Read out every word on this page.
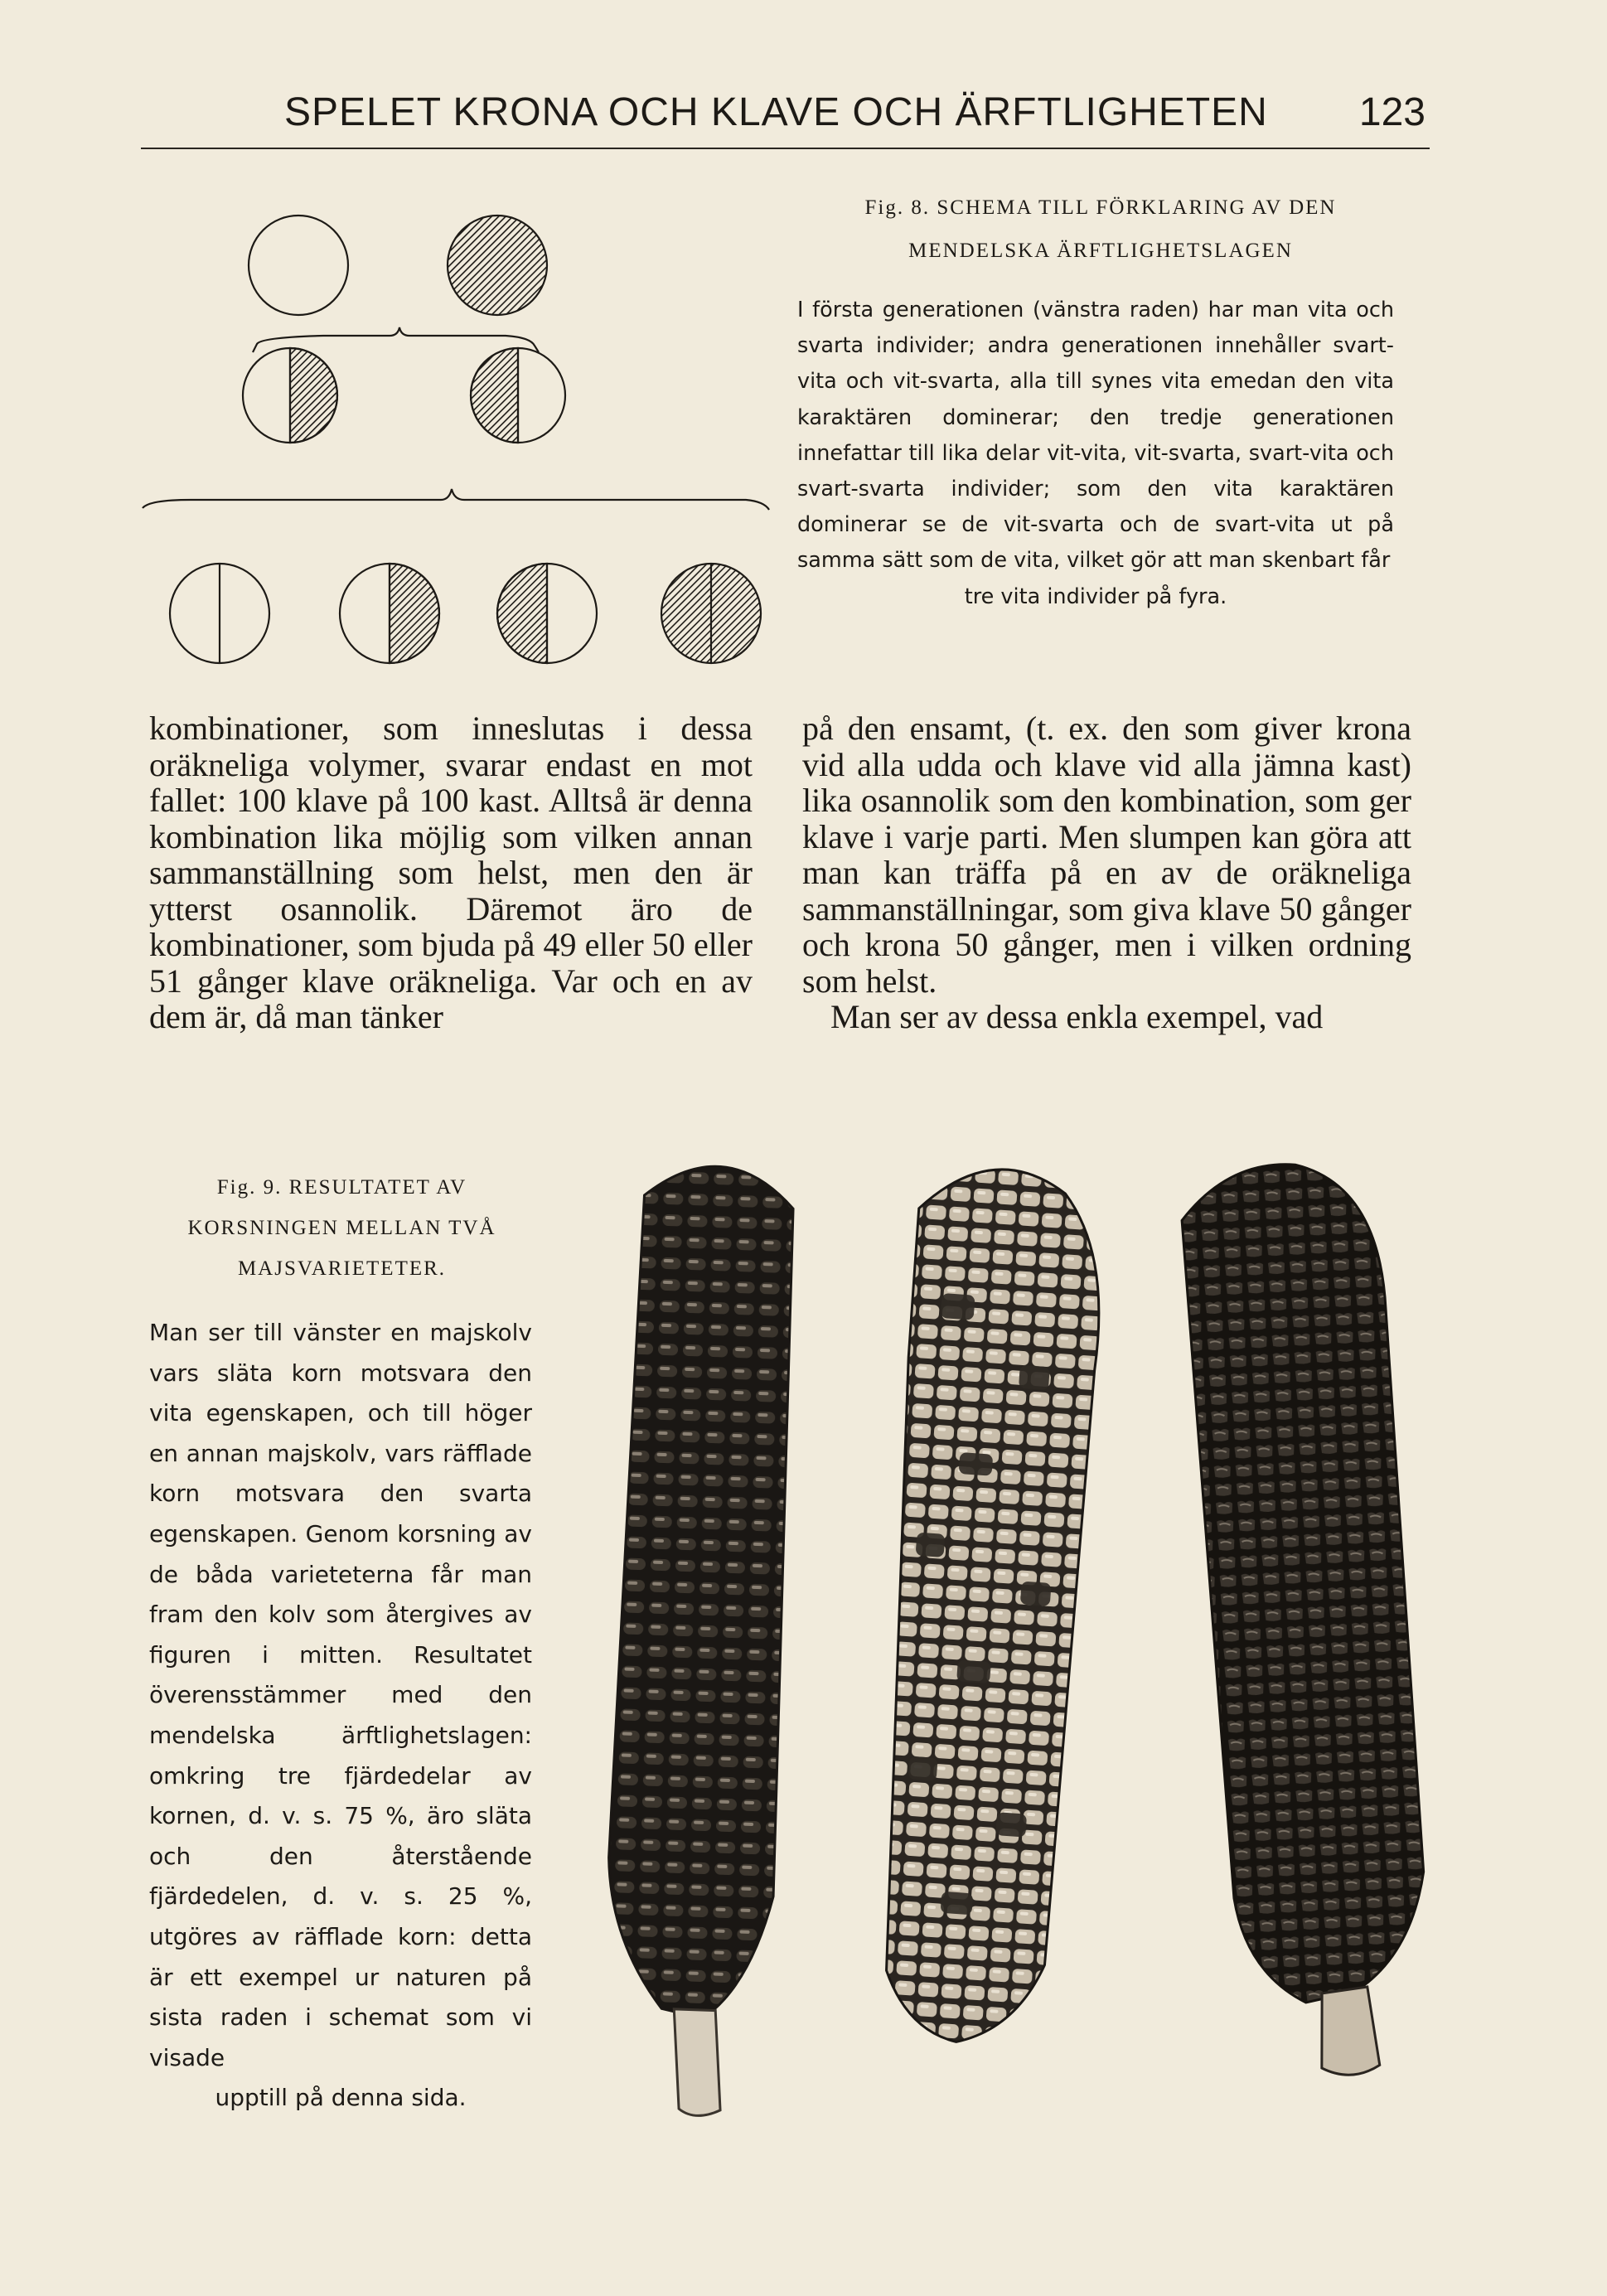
SPELET KRONA OCH KLAVE OCH ÄRFTLIGHETEN 123
Fig. 8. SCHEMA TILL FÖRKLARING AV DEN
MENDELSKA ÄRFTLIGHETSLAGEN
I första generationen (vänstra raden) har man vita och svarta individer; andra generationen innehåller svart-vita och vit-svarta, alla till synes vita emedan den vita karaktären dominerar; den tredje generationen innefattar till lika delar vit-vita, vit-svarta, svart-vita och svart-svarta individer; som den vita karaktären dominerar se de vit-svarta och de svart-vita ut på samma sätt som de vita, vilket gör att man skenbart får
tre vita individer på fyra.
kombinationer, som inneslutas i dessa oräkneliga volymer, svarar endast en mot fallet: 100 klave på 100 kast. Alltså är denna kombination lika möjlig som vilken annan sammanställning som helst, men den är ytterst osannolik. Däremot äro de kombinationer, som bjuda på 49 eller 50 eller 51 gånger klave oräkneliga. Var och en av dem är, då man tänker
på den ensamt, (t. ex. den som giver krona vid alla udda och klave vid alla jämna kast) lika osannolik som den kombination, som ger klave i varje parti. Men slumpen kan göra att man kan träffa på en av de oräkneliga sammanställningar, som giva klave 50 gånger och krona 50 gånger, men i vilken ordning som helst.
Man ser av dessa enkla exempel, vad
Fig. 9. RESULTATET AV
KORSNINGEN MELLAN TVÅ
MAJSVARIETETER.
Man ser till vänster en majskolv vars släta korn motsvara den vita egenskapen, och till höger en annan majskolv, vars räfflade korn motsvara den svarta egenskapen. Genom korsning av de båda varieteterna får man fram den kolv som återgives av figuren i mitten. Resultatet överensstämmer med den mendelska ärftlighetslagen: omkring tre fjärdedelar av kornen, d. v. s. 75 %, äro släta och den återstående fjärdedelen, d. v. s. 25 %, utgöres av räfflade korn: detta är ett exempel ur naturen på sista raden i schemat som vi visade
upptill på denna sida.
